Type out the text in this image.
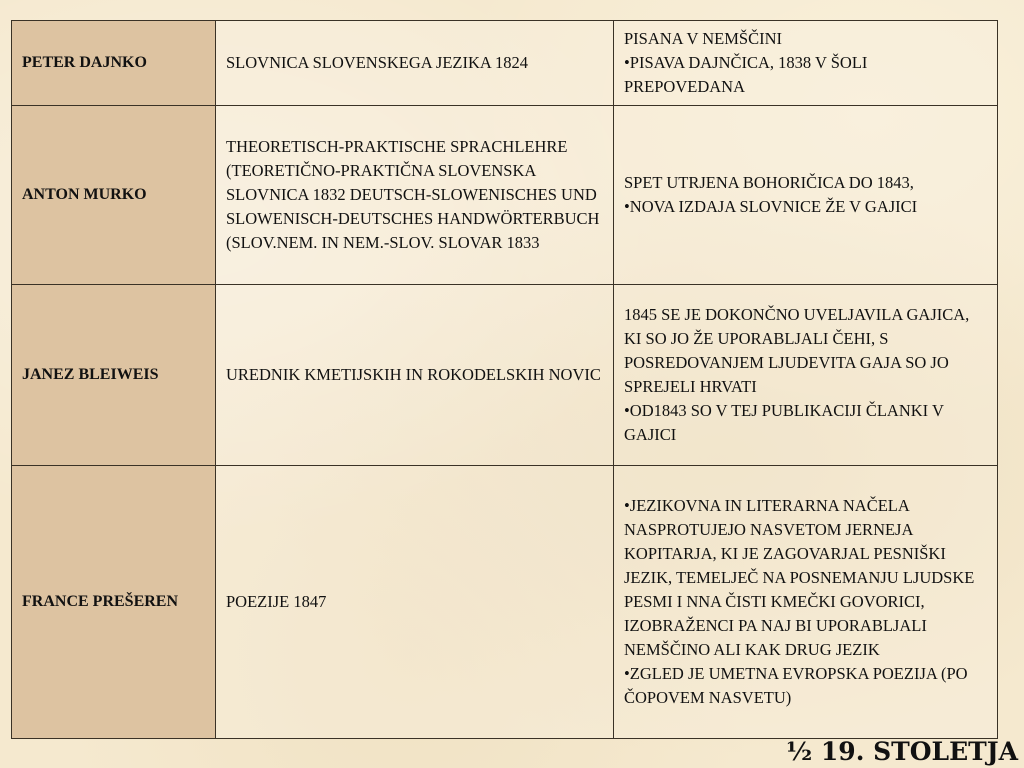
PETER DAJNKO	SLOVNICA SLOVENSKEGA JEZIKA 1824	PISANA V NEMŠČINI
•PISAVA DAJNČICA, 1838 V ŠOLI PREPOVEDANA

ANTON MURKO	THEORETISCH-PRAKTISCHE SPRACHLEHRE (TEORETIČNO-PRAKTIČNA SLOVENSKA SLOVNICA 1832 DEUTSCH-SLOWENISCHES UND SLOWENISCH-DEUTSCHES HANDWÖRTERBUCH (SLOV.NEM. IN NEM.-SLOV. SLOVAR 1833	SPET UTRJENA BOHORIČICA DO 1843,
•NOVA IZDAJA SLOVNICE ŽE V GAJICI

JANEZ BLEIWEIS	UREDNIK KMETIJSKIH IN ROKODELSKIH NOVIC	1845 SE JE DOKONČNO UVELJAVILA GAJICA, KI SO JO ŽE UPORABLJALI ČEHI, S POSREDOVANJEM LJUDEVITA GAJA SO JO SPREJELI HRVATI
•OD1843 SO V TEJ PUBLIKACIJI ČLANKI V GAJICI

FRANCE PREŠEREN	POEZIJE 1847	•JEZIKOVNA IN LITERARNA NAČELA NASPROTUJEJO NASVETOM JERNEJA KOPITARJA, KI JE ZAGOVARJAL PESNIŠKI JEZIK, TEMELJEČ NA POSNEMANJU LJUDSKE PESMI I NNA ČISTI KMEČKI GOVORICI, IZOBRAŽENCI PA NAJ BI UPORABLJALI NEMŠČINO ALI KAK DRUG JEZIK
•ZGLED JE UMETNA EVROPSKA POEZIJA (PO ČOPOVEM NASVETU)
½ 19. STOLETJA
